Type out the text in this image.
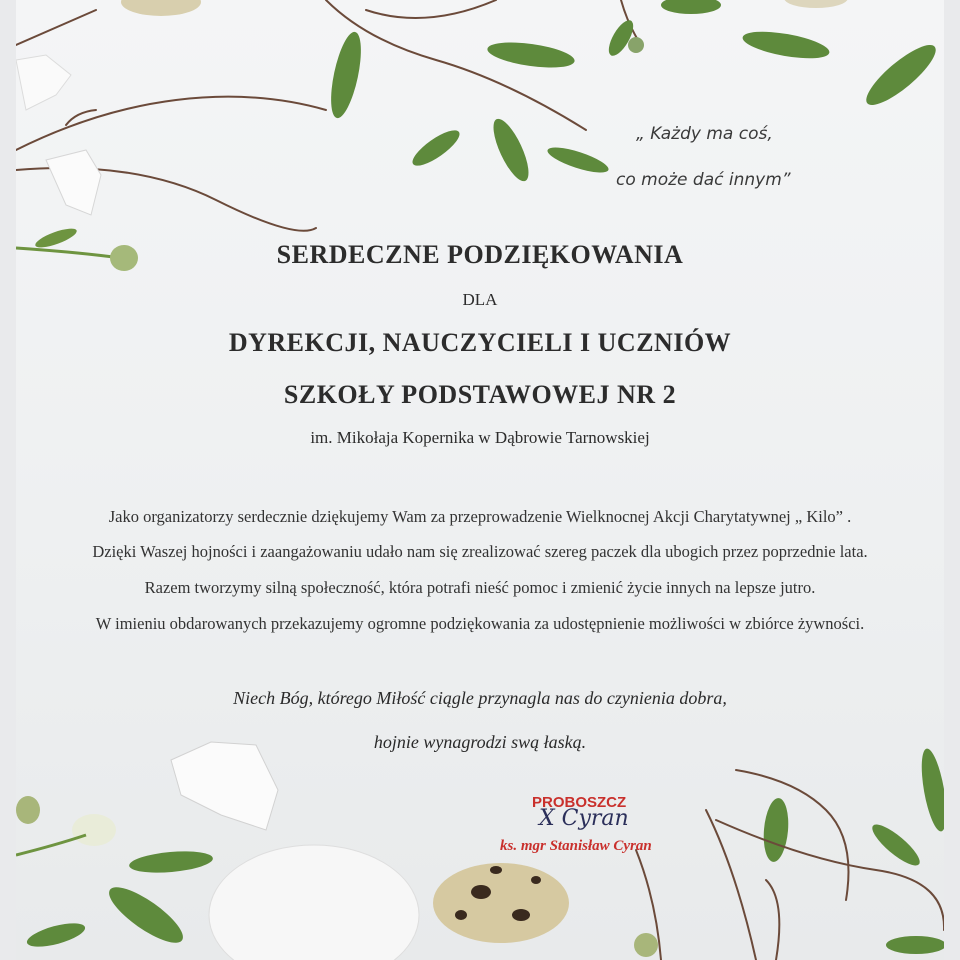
„ Każdy ma coś,
co może dać innym”
SERDECZNE PODZIĘKOWANIA
DLA
DYREKCJI, NAUCZYCIELI I UCZNIÓW
SZKOŁY PODSTAWOWEJ NR 2
im. Mikołaja Kopernika w Dąbrowie Tarnowskiej
Jako organizatorzy serdecznie dziękujemy Wam za przeprowadzenie Wielknocnej Akcji Charytatywnej „ Kilo” .
Dzięki Waszej hojności i zaangażowaniu udało nam się zrealizować szereg paczek dla ubogich przez poprzednie lata.
Razem tworzymy silną społeczność, która potrafi nieść pomoc i zmienić życie innych na lepsze jutro.
W imieniu obdarowanych przekazujemy ogromne podziękowania za udostępnienie możliwości w zbiórce żywności.
Niech Bóg, którego Miłość ciągle przynagla nas do czynienia dobra,
hojnie wynagrodzi swą łaską.
PROBOSZCZ
X Cyran
ks. mgr Stanisław Cyran
